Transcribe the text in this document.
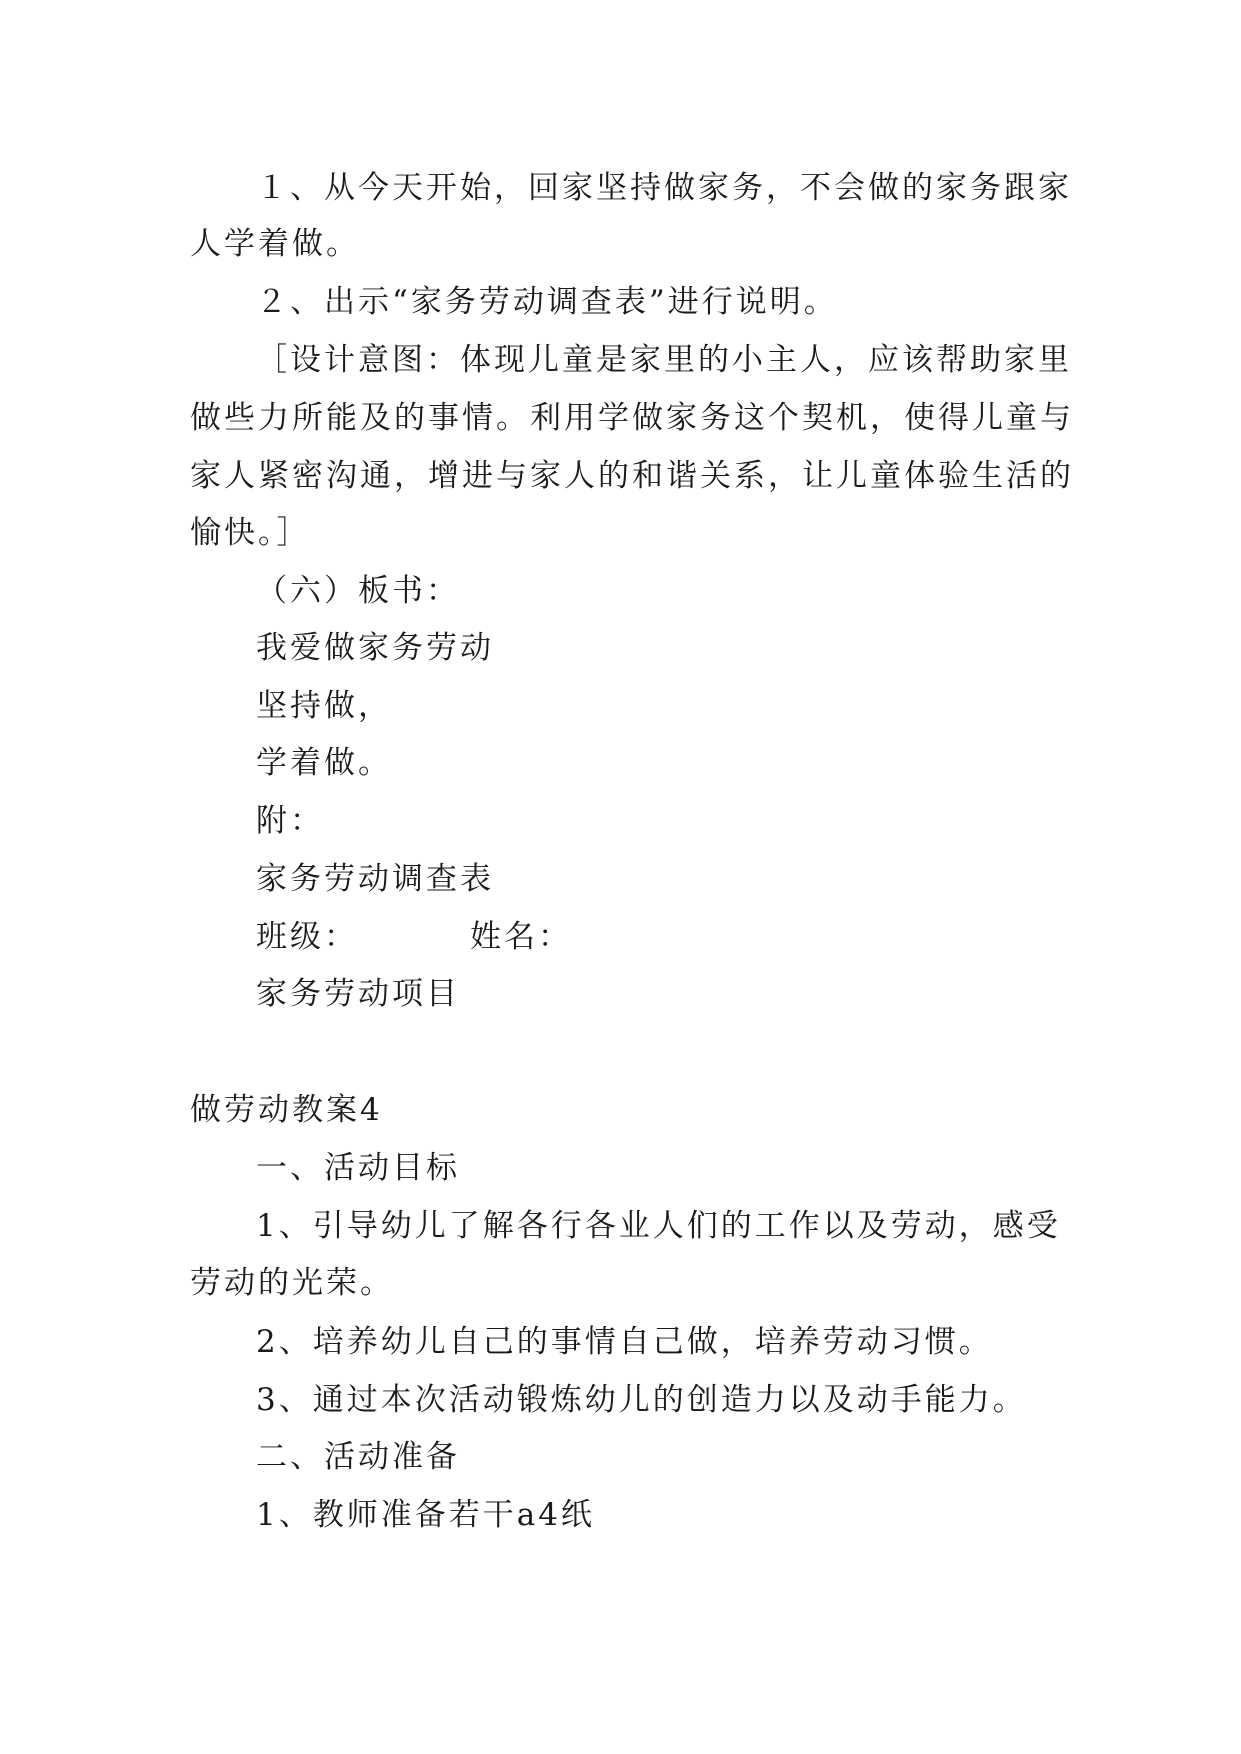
１、从今天开始，回家坚持做家务，不会做的家务跟家

人学着做。

２、出示“家务劳动调查表”进行说明。

［设计意图：体现儿童是家里的小主人，应该帮助家里

做些力所能及的事情。利用学做家务这个契机，使得儿童与

家人紧密沟通，增进与家人的和谐关系，让儿童体验生活的

愉快。］

（六）板书：

我爱做家务劳动

坚持做，

学着做。

附：

家务劳动调查表

班级：	姓名：

家务劳动项目

做劳动教案4

一、活动目标

1、引导幼儿了解各行各业人们的工作以及劳动，感受

劳动的光荣。

2、培养幼儿自己的事情自己做，培养劳动习惯。

3、通过本次活动锻炼幼儿的创造力以及动手能力。

二、活动准备

1、教师准备若干a4纸
